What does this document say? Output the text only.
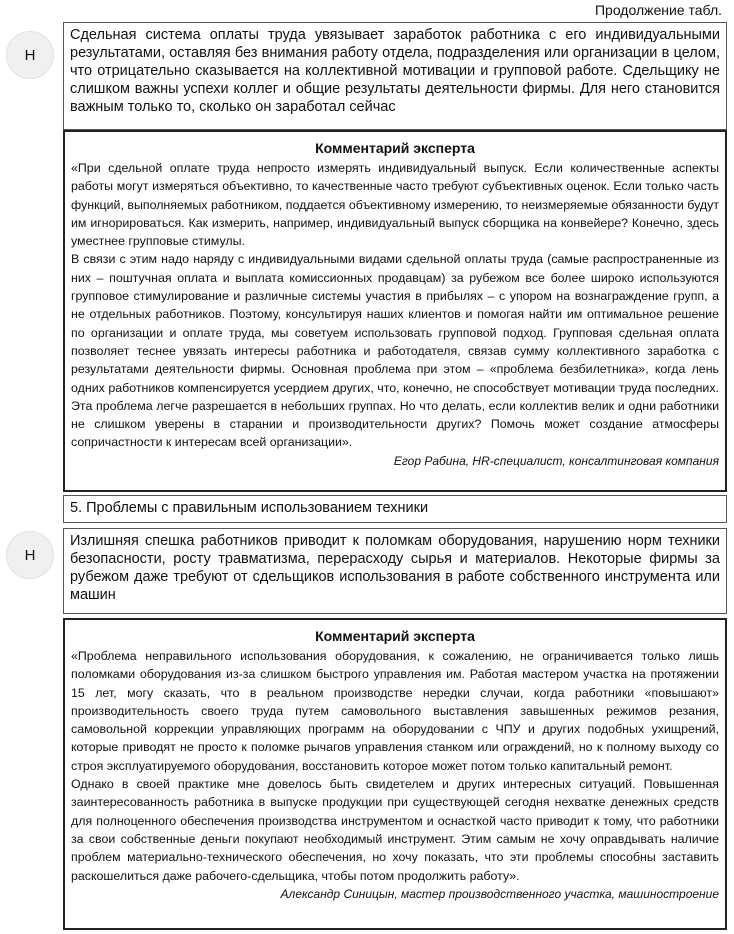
Продолжение табл.
Н
Сдельная система оплаты труда увязывает заработок работника с его индивидуальными результатами, оставляя без внимания работу отдела, подразделения или организации в целом, что отрицательно сказывается на коллективной мотивации и групповой работе. Сдельщику не слишком важны успехи коллег и общие результаты деятельности фирмы. Для него становится важным только то, сколько он заработал сейчас
Комментарий эксперта

«При сдельной оплате труда непросто измерять индивидуальный выпуск. Если количественные аспекты работы могут измеряться объективно, то качественные часто требуют субъективных оценок. Если только часть функций, выполняемых работником, поддается объективному измерению, то неизмеряемые обязанности будут им игнорироваться. Как измерить, например, индивидуальный выпуск сборщика на конвейере? Конечно, здесь уместнее групповые стимулы.

В связи с этим надо наряду с индивидуальными видами сдельной оплаты труда (самые распространенные из них – поштучная оплата и выплата комиссионных продавцам) за рубежом все более широко используются групповое стимулирование и различные системы участия в прибылях – с упором на вознаграждение групп, а не отдельных работников. Поэтому, консультируя наших клиентов и помогая найти им оптимальное решение по организации и оплате труда, мы советуем использовать групповой подход. Групповая сдельная оплата позволяет теснее увязать интересы работника и работодателя, связав сумму коллективного заработка с результатами деятельности фирмы. Основная проблема при этом – «проблема безбилетника», когда лень одних работников компенсируется усердием других, что, конечно, не способствует мотивации труда последних. Эта проблема легче разрешается в небольших группах. Но что делать, если коллектив велик и одни работники не слишком уверены в старании и производительности других? Помочь может создание атмосферы сопричастности к интересам всей организации».

Егор Рабина, HR-специалист, консалтинговая компания
5. Проблемы с правильным использованием техники
Н
Излишняя спешка работников приводит к поломкам оборудования, нарушению норм техники безопасности, росту травматизма, перерасходу сырья и материалов. Некоторые фирмы за рубежом даже требуют от сдельщиков использования в работе собственного инструмента или машин
Комментарий эксперта

«Проблема неправильного использования оборудования, к сожалению, не ограничивается только лишь поломками оборудования из-за слишком быстрого управления им. Работая мастером участка на протяжении 15 лет, могу сказать, что в реальном производстве нередки случаи, когда работники «повышают» производительность своего труда путем самовольного выставления завышенных режимов резания, самовольной коррекции управляющих программ на оборудовании с ЧПУ и других подобных ухищрений, которые приводят не просто к поломке рычагов управления станком или ограждений, но к полному выходу со строя эксплуатируемого оборудования, восстановить которое может потом только капитальный ремонт.

Однако в своей практике мне довелось быть свидетелем и других интересных ситуаций. Повышенная заинтересованность работника в выпуске продукции при существующей сегодня нехватке денежных средств для полноценного обеспечения производства инструментом и оснасткой часто приводит к тому, что работники за свои собственные деньги покупают необходимый инструмент. Этим самым не хочу оправдывать наличие проблем материально-технического обеспечения, но хочу показать, что эти проблемы способны заставить раскошелиться даже рабочего-сдельщика, чтобы потом продолжить работу».

Александр Синицын, мастер производственного участка, машиностроение
